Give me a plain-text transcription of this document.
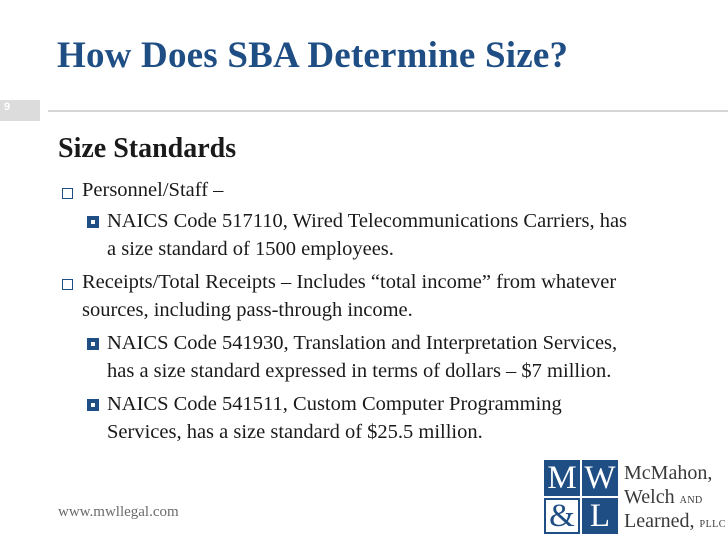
How Does SBA Determine Size?
9
Size Standards
Personnel/Staff –
NAICS Code 517110, Wired Telecommunications Carriers, has
a size standard of 1500 employees.
Receipts/Total Receipts – Includes “total income” from whatever
sources, including pass-through income.
NAICS Code 541930, Translation and Interpretation Services,
has a size standard expressed in terms of dollars – $7 million.
NAICS Code 541511, Custom Computer Programming
Services, has a size standard of $25.5 million.
www.mwllegal.com
M W
& L
McMahon,
Welch AND
Learned, PLLC
